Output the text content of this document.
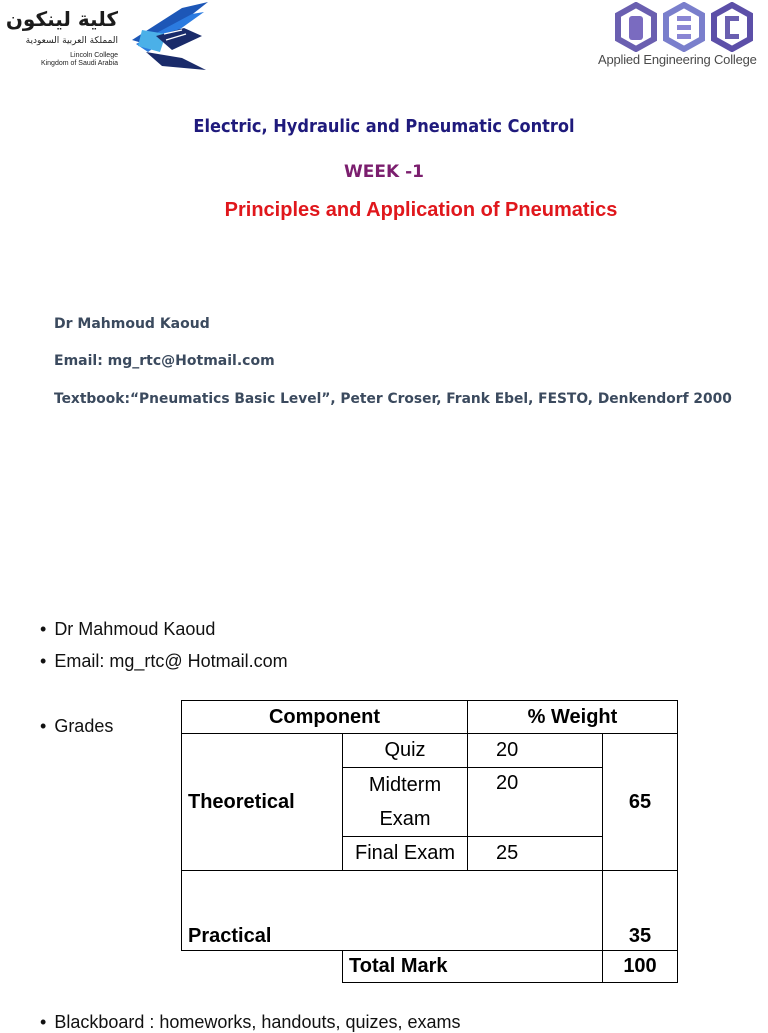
كلية لينكون
المملكة العربية السعودية
Lincoln College
Kingdom of Saudi Arabia	Applied Engineering College
Electric, Hydraulic and Pneumatic Control
WEEK -1
Principles and Application of Pneumatics
Dr Mahmoud Kaoud
Email: mg_rtc@Hotmail.com
Textbook:“Pneumatics Basic Level”, Peter Croser, Frank Ebel, FESTO, Denkendorf 2000
• Dr Mahmoud Kaoud
• Email: mg_rtc@ Hotmail.com
• Grades	Component		% Weight	
Theoretical	Quiz	20	65
	Midterm Exam	20	
	Final Exam	25	
Practical			35
	Total Mark		100
• Blackboard : homeworks, handouts, quizes, exams
